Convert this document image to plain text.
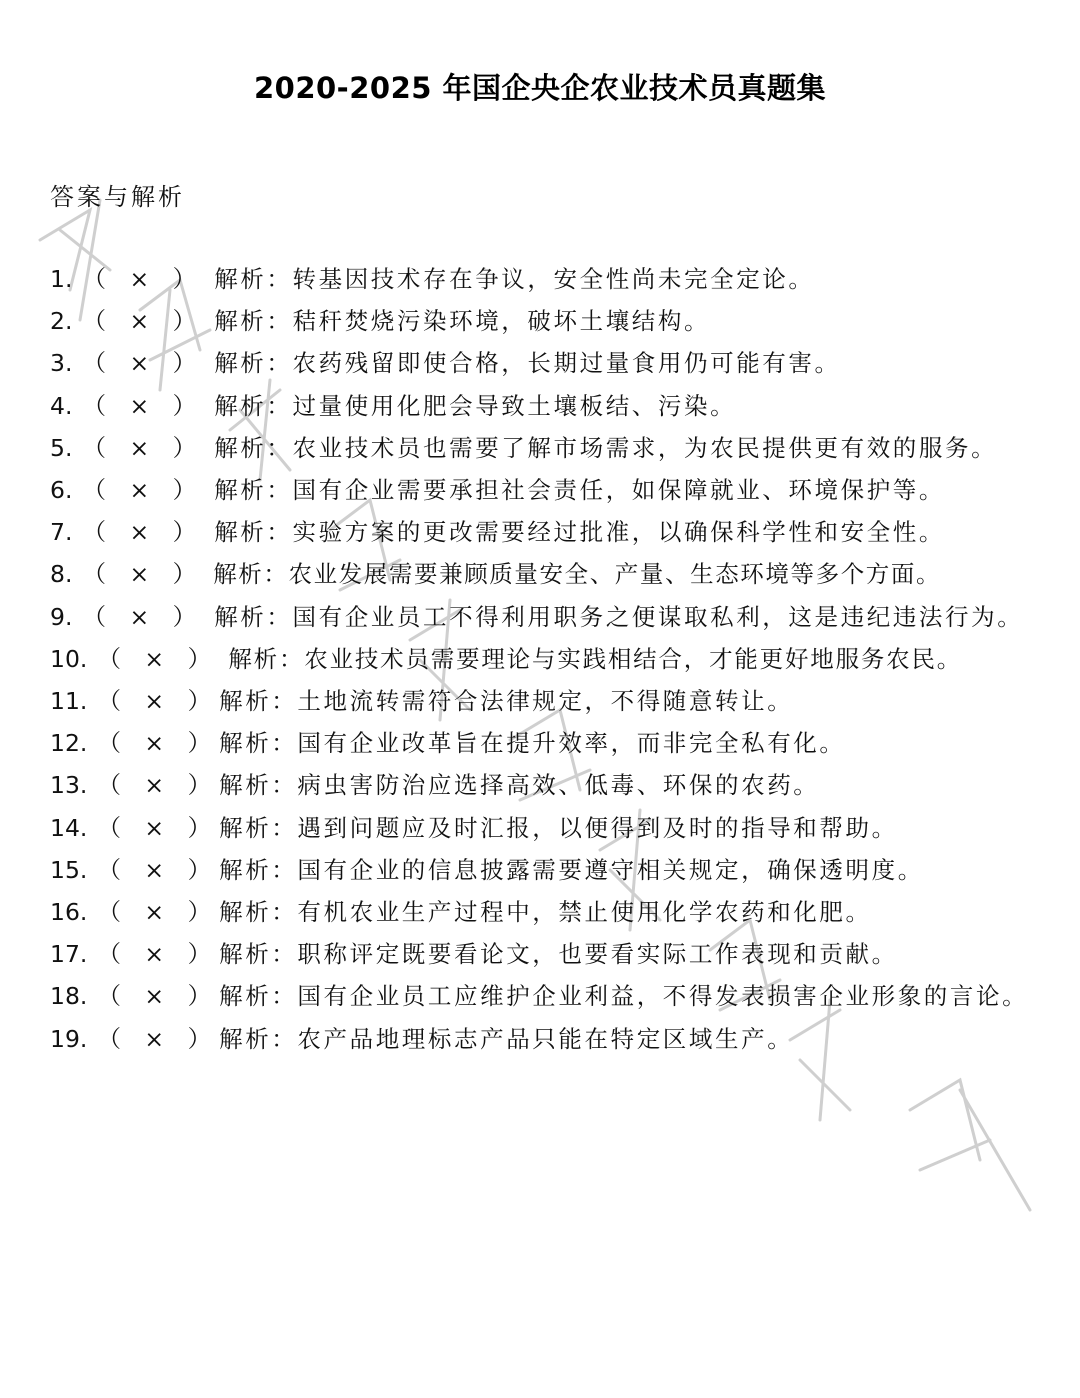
2020-2025 年国企央企农业技术员真题集
答案与解析
1. （ × ） 解析：转基因技术存在争议，安全性尚未完全定论。
2. （ × ） 解析：秸秆焚烧污染环境，破坏土壤结构。
3. （ × ） 解析：农药残留即使合格，长期过量食用仍可能有害。
4. （ × ） 解析：过量使用化肥会导致土壤板结、污染。
5. （ × ） 解析：农业技术员也需要了解市场需求，为农民提供更有效的服务。
6. （ × ） 解析：国有企业需要承担社会责任，如保障就业、环境保护等。
7. （ × ） 解析：实验方案的更改需要经过批准，以确保科学性和安全性。
8. （ × ） 解析：农业发展需要兼顾质量安全、产量、生态环境等多个方面。
9. （ × ） 解析：国有企业员工不得利用职务之便谋取私利，这是违纪违法行为。
10. （ × ） 解析：农业技术员需要理论与实践相结合，才能更好地服务农民。
11. （ × ）解析：土地流转需符合法律规定，不得随意转让。
12. （ × ）解析：国有企业改革旨在提升效率，而非完全私有化。
13. （ × ）解析：病虫害防治应选择高效、低毒、环保的农药。
14. （ × ）解析：遇到问题应及时汇报，以便得到及时的指导和帮助。
15. （ × ）解析：国有企业的信息披露需要遵守相关规定，确保透明度。
16. （ × ）解析：有机农业生产过程中，禁止使用化学农药和化肥。
17. （ × ）解析：职称评定既要看论文，也要看实际工作表现和贡献。
18. （ × ）解析：国有企业员工应维护企业利益，不得发表损害企业形象的言论。
19. （ × ）解析：农产品地理标志产品只能在特定区域生产。
